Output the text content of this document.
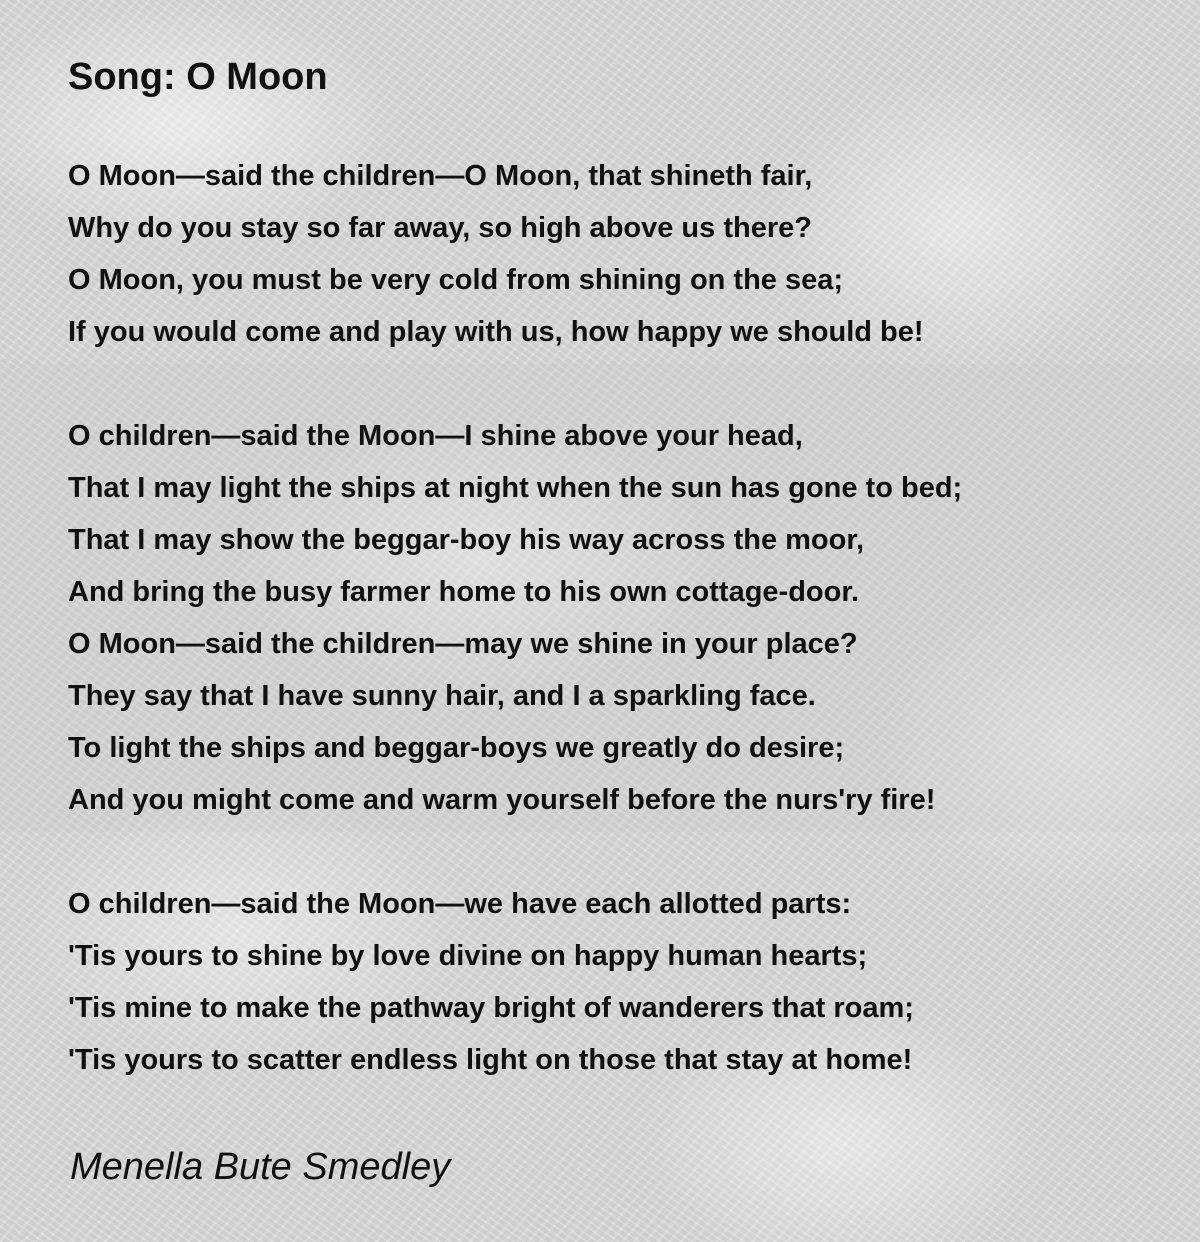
Song: O Moon
O Moon—said the children—O Moon, that shineth fair,
Why do you stay so far away, so high above us there?
O Moon, you must be very cold from shining on the sea;
If you would come and play with us, how happy we should be!
O children—said the Moon—I shine above your head,
That I may light the ships at night when the sun has gone to bed;
That I may show the beggar-boy his way across the moor,
And bring the busy farmer home to his own cottage-door.
O Moon—said the children—may we shine in your place?
They say that I have sunny hair, and I a sparkling face.
To light the ships and beggar-boys we greatly do desire;
And you might come and warm yourself before the nurs'ry fire!
O children—said the Moon—we have each allotted parts:
'Tis yours to shine by love divine on happy human hearts;
'Tis mine to make the pathway bright of wanderers that roam;
'Tis yours to scatter endless light on those that stay at home!

Menella Bute Smedley
